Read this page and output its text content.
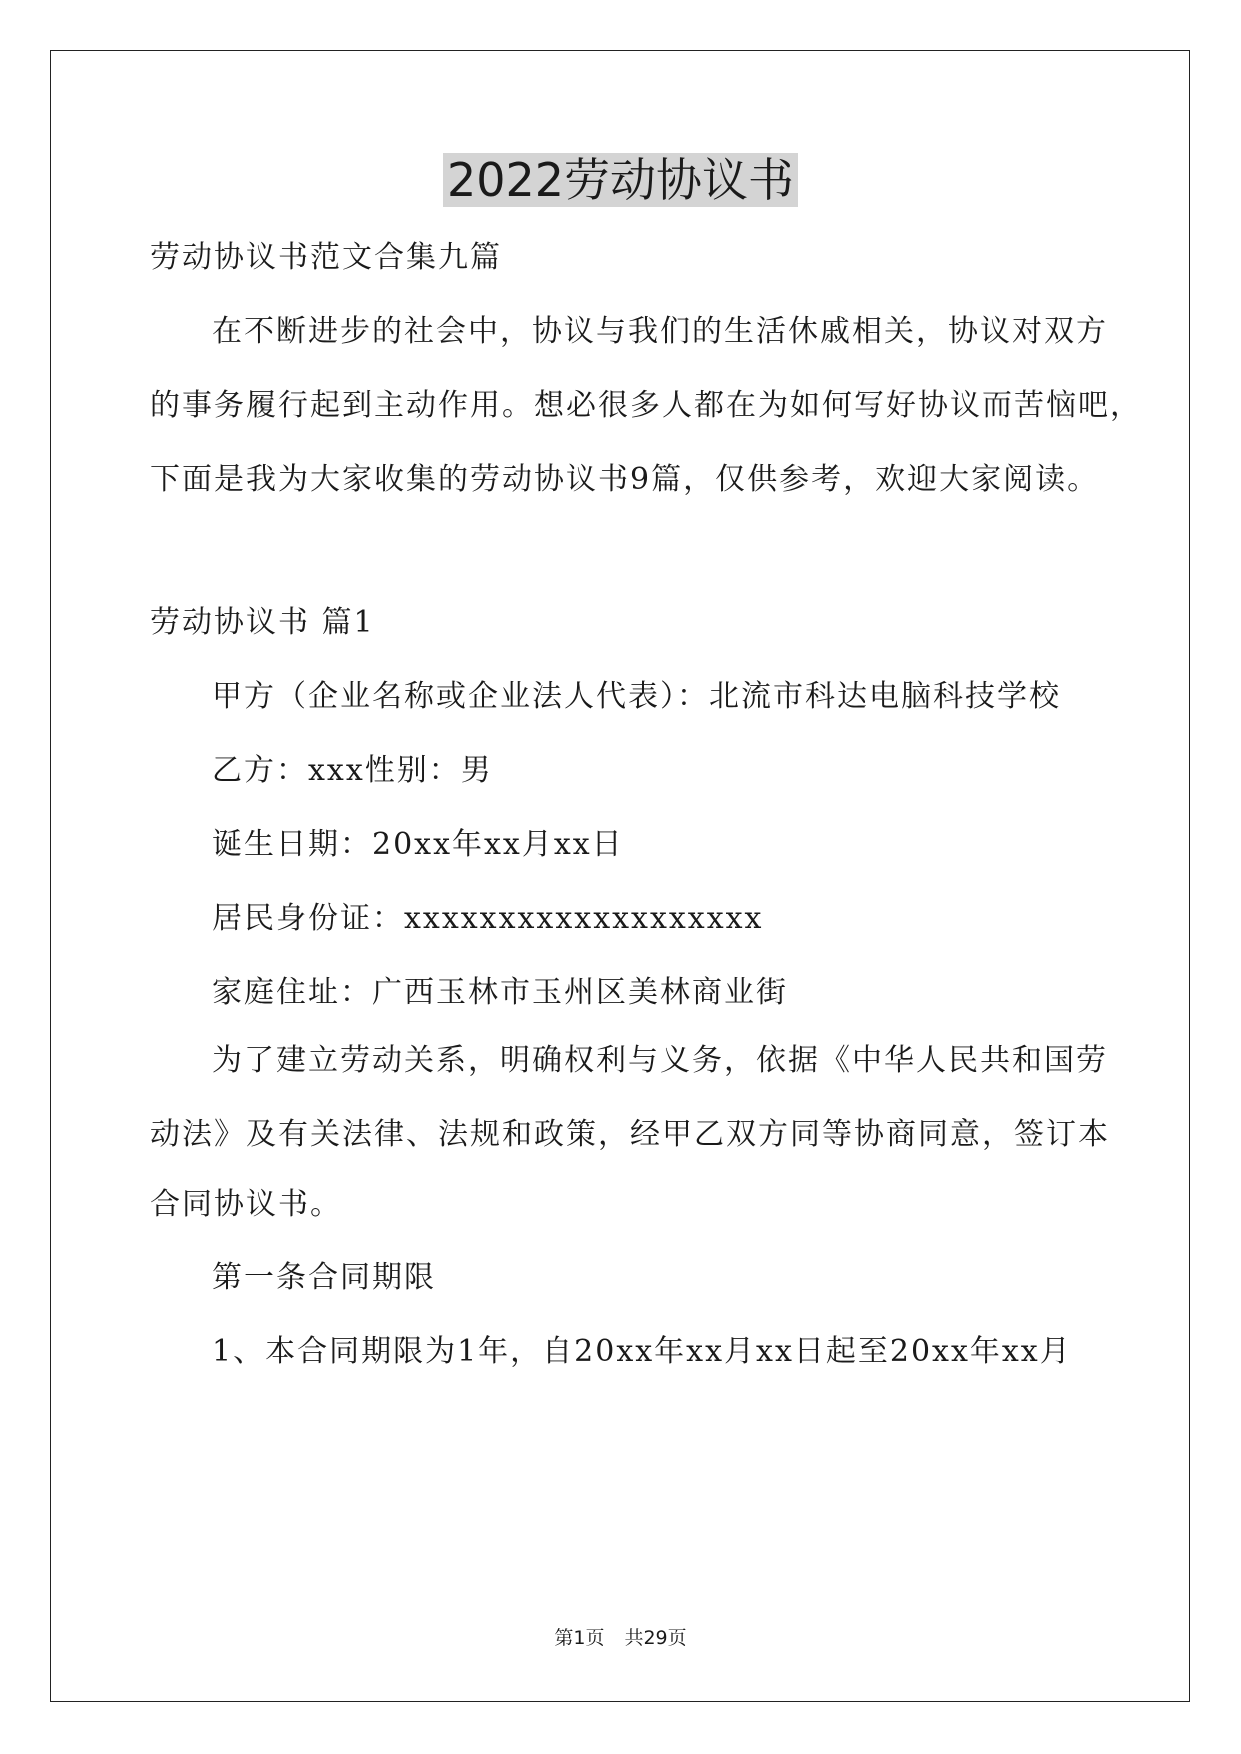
2022劳动协议书
劳动协议书范文合集九篇
在不断进步的社会中，协议与我们的生活休戚相关，协议对双方
的事务履行起到主动作用。想必很多人都在为如何写好协议而苦恼吧，
下面是我为大家收集的劳动协议书9篇，仅供参考，欢迎大家阅读。
劳动协议书 篇1
甲方（企业名称或企业法人代表）：北流市科达电脑科技学校
乙方：xxx性别：男
诞生日期：20xx年xx月xx日
居民身份证：xxxxxxxxxxxxxxxxxxx
家庭住址：广西玉林市玉州区美林商业街
为了建立劳动关系，明确权利与义务，依据《中华人民共和国劳
动法》及有关法律、法规和政策，经甲乙双方同等协商同意，签订本
合同协议书。
第一条合同期限
1、本合同期限为1年，自20xx年xx月xx日起至20xx年xx月
第1页 共29页
